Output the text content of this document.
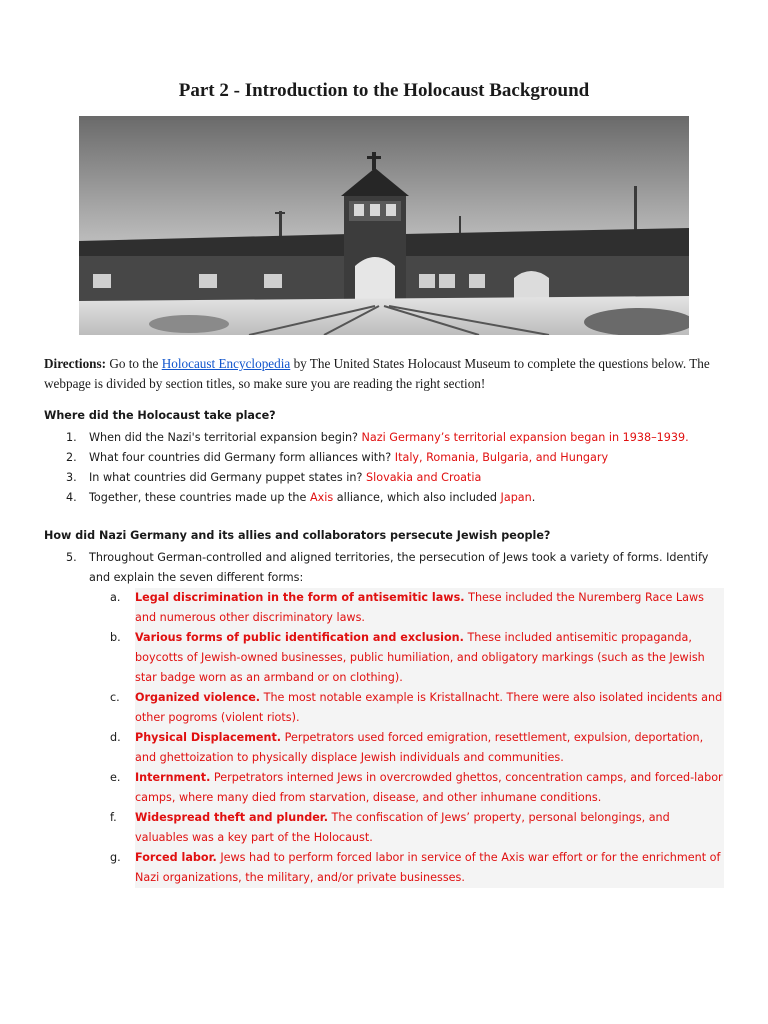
Part 2 - Introduction to the Holocaust Background

Directions: Go to the Holocaust Encyclopedia by The United States Holocaust Museum to complete the questions below. The webpage is divided by section titles, so make sure you are reading the right section!

Where did the Holocaust take place?
1. When did the Nazi's territorial expansion begin? Nazi Germany’s territorial expansion began in 1938–1939.
2. What four countries did Germany form alliances with? Italy, Romania, Bulgaria, and Hungary
3. In what countries did Germany puppet states in? Slovakia and Croatia
4. Together, these countries made up the Axis alliance, which also included Japan.
How did Nazi Germany and its allies and collaborators persecute Jewish people?
5. Throughout German-controlled and aligned territories, the persecution of Jews took a variety of forms. Identify and explain the seven different forms:
a. Legal discrimination in the form of antisemitic laws. These included the Nuremberg Race Laws and numerous other discriminatory laws.
b. Various forms of public identification and exclusion. These included antisemitic propaganda, boycotts of Jewish-owned businesses, public humiliation, and obligatory markings (such as the Jewish star badge worn as an armband or on clothing).
c. Organized violence. The most notable example is Kristallnacht. There were also isolated incidents and other pogroms (violent riots).
d. Physical Displacement. Perpetrators used forced emigration, resettlement, expulsion, deportation, and ghettoization to physically displace Jewish individuals and communities.
e. Internment. Perpetrators interned Jews in overcrowded ghettos, concentration camps, and forced-labor camps, where many died from starvation, disease, and other inhumane conditions.
f. Widespread theft and plunder. The confiscation of Jews’ property, personal belongings, and valuables was a key part of the Holocaust.
g. Forced labor. Jews had to perform forced labor in service of the Axis war effort or for the enrichment of Nazi organizations, the military, and/or private businesses.
